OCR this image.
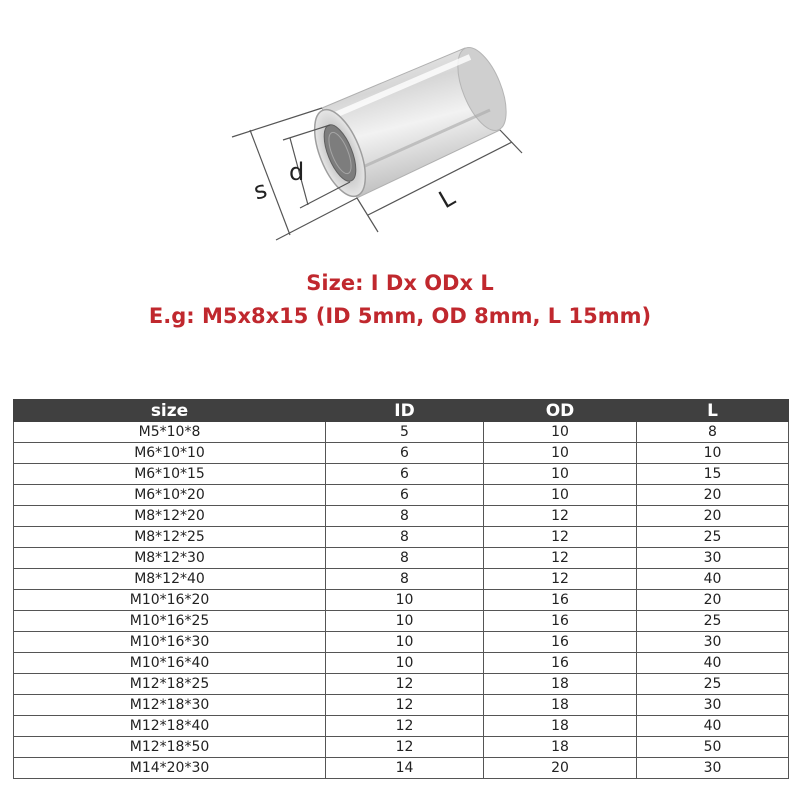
s
d
L
Size: I Dx ODx L
E.g: M5x8x15 (ID 5mm, OD 8mm, L 15mm)
size	ID	OD	L
M5*10*8	5	10	8
M6*10*10	6	10	10
M6*10*15	6	10	15
M6*10*20	6	10	20
M8*12*20	8	12	20
M8*12*25	8	12	25
M8*12*30	8	12	30
M8*12*40	8	12	40
M10*16*20	10	16	20
M10*16*25	10	16	25
M10*16*30	10	16	30
M10*16*40	10	16	40
M12*18*25	12	18	25
M12*18*30	12	18	30
M12*18*40	12	18	40
M12*18*50	12	18	50
M14*20*30	14	20	30
